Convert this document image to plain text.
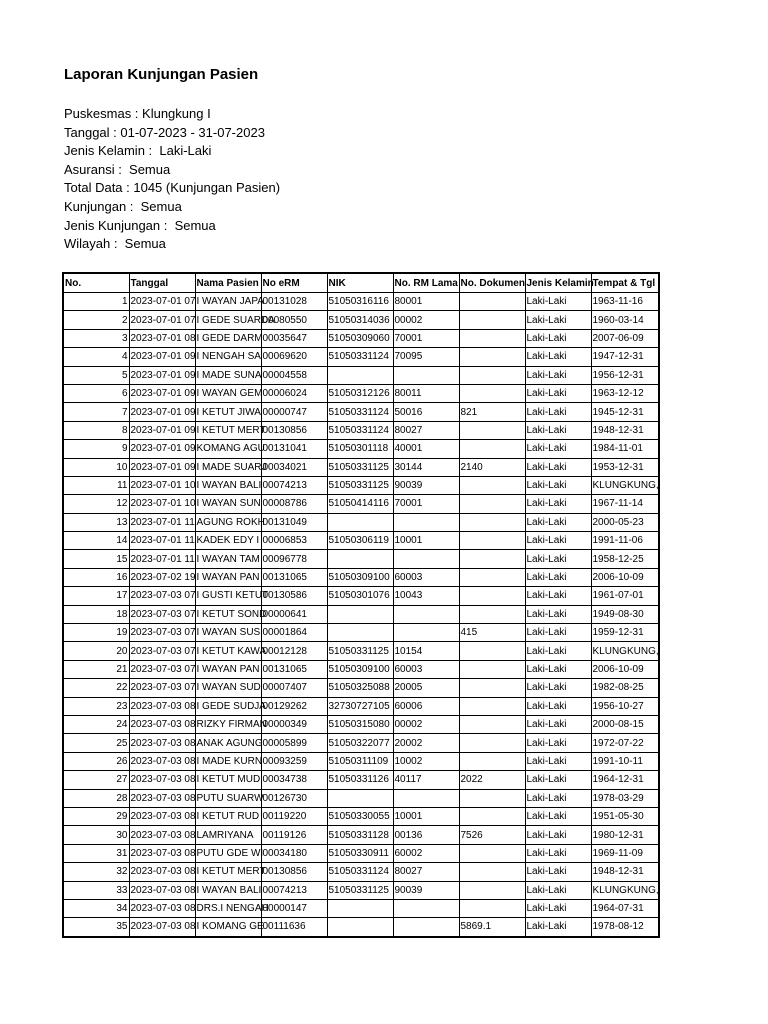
Laporan Kunjungan Pasien
Puskesmas : Klungkung I
Tanggal : 01-07-2023 - 31-07-2023
Jenis Kelamin :  Laki-Laki
Asuransi :  Semua
Total Data : 1045 (Kunjungan Pasien)
Kunjungan :  Semua
Jenis Kunjungan :  Semua
Wilayah :  Semua
No.	Tanggal	Nama Pasien	No eRM	NIK	No. RM Lama	No. Dokumen	Jenis Kelamin	Tempat & Tgl
1	2023-07-01 07	I WAYAN JAPA	00131028	51050316116	80001		Laki-Laki	1963-11-16
2	2023-07-01 07	I GEDE SUARDA	00080550	51050314036	00002		Laki-Laki	1960-03-14
3	2023-07-01 08	I GEDE DARM	00035647	51050309060	70001		Laki-Laki	2007-06-09
4	2023-07-01 09	I NENGAH SA	00069620	51050331124	70095		Laki-Laki	1947-12-31
5	2023-07-01 09	I MADE SUNA	00004558				Laki-Laki	1956-12-31
6	2023-07-01 09	I WAYAN GEM	00006024	51050312126	80011		Laki-Laki	1963-12-12
7	2023-07-01 09	I KETUT JIWA	00000747	51050331124	50016	821	Laki-Laki	1945-12-31
8	2023-07-01 09	I KETUT MERT	00130856	51050331124	80027		Laki-Laki	1948-12-31
9	2023-07-01 09	KOMANG AGU	00131041	51050301118	40001		Laki-Laki	1984-11-01
10	2023-07-01 09	I MADE SUARJ	00034021	51050331125	30144	2140	Laki-Laki	1953-12-31
11	2023-07-01 10	I WAYAN BALI	00074213	51050331125	90039		Laki-Laki	KLUNGKUNG,
12	2023-07-01 10	I WAYAN SUN	00008786	51050414116	70001		Laki-Laki	1967-11-14
13	2023-07-01 11	AGUNG ROKH	00131049				Laki-Laki	2000-05-23
14	2023-07-01 11	KADEK EDY I	00006853	51050306119	10001		Laki-Laki	1991-11-06
15	2023-07-01 11	I WAYAN TAM	00096778				Laki-Laki	1958-12-25
16	2023-07-02 19	I WAYAN PAN	00131065	51050309100	60003		Laki-Laki	2006-10-09
17	2023-07-03 07	I GUSTI KETUT	00130586	51050301076	10043		Laki-Laki	1961-07-01
18	2023-07-03 07	I KETUT SOND	00000641				Laki-Laki	1949-08-30
19	2023-07-03 07	I WAYAN SUS	00001864			415	Laki-Laki	1959-12-31
20	2023-07-03 07	I KETUT KAWA	00012128	51050331125	10154		Laki-Laki	KLUNGKUNG,
21	2023-07-03 07	I WAYAN PAN	00131065	51050309100	60003		Laki-Laki	2006-10-09
22	2023-07-03 07	I WAYAN SUD	00007407	51050325088	20005		Laki-Laki	1982-08-25
23	2023-07-03 08	I GEDE SUDJA	00129262	32730727105	60006		Laki-Laki	1956-10-27
24	2023-07-03 08	RIZKY FIRMAN	00000349	51050315080	00002		Laki-Laki	2000-08-15
25	2023-07-03 08	ANAK AGUNG	00005899	51050322077	20002		Laki-Laki	1972-07-22
26	2023-07-03 08	I MADE KURN	00093259	51050311109	10002		Laki-Laki	1991-10-11
27	2023-07-03 08	I KETUT MUD	00034738	51050331126	40117	2022	Laki-Laki	1964-12-31
28	2023-07-03 08	PUTU SUARW	00126730				Laki-Laki	1978-03-29
29	2023-07-03 08	I KETUT RUD	00119220	51050330055	10001		Laki-Laki	1951-05-30
30	2023-07-03 08	LAMRIYANA	00119126	51050331128	00136	7526	Laki-Laki	1980-12-31
31	2023-07-03 08	PUTU GDE WI	00034180	51050330911	60002		Laki-Laki	1969-11-09
32	2023-07-03 08	I KETUT MERT	00130856	51050331124	80027		Laki-Laki	1948-12-31
33	2023-07-03 08	I WAYAN BALI	00074213	51050331125	90039		Laki-Laki	KLUNGKUNG,
34	2023-07-03 08	DRS.I NENGAH	00000147				Laki-Laki	1964-07-31
35	2023-07-03 08	I KOMANG GE	00111636			5869.1	Laki-Laki	1978-08-12
